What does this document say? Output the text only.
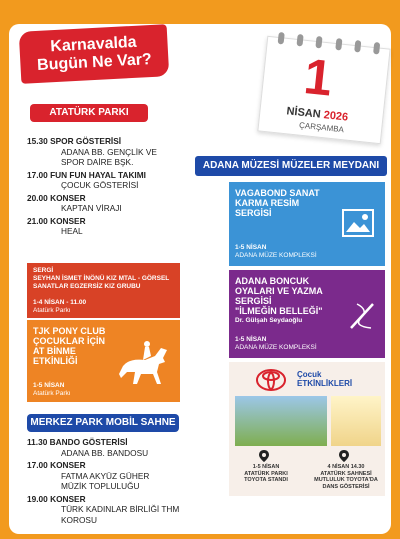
Karnavalda
Bugün Ne Var?	1
NİSAN 2026
ÇARŞAMBA
ATATÜRK PARKI
15.30 SPOR GÖSTERİSİ
ADANA BB. GENÇLİK VE
SPOR DAİRE BŞK.
17.00 FUN FUN HAYAL TAKIMI
ÇOCUK GÖSTERİSİ
20.00 KONSER
KAPTAN VİRAJI
21.00 KONSER
HEAL
ADANA MÜZESİ MÜZELER MEYDANI
SERGİ
SEYHAN İSMET İNÖNÜ KIZ MTAL - GÖRSEL SANATLAR EGZERSİZ KIZ GRUBU
1-4 NİSAN - 11.00
Atatürk Parkı
TJK PONY CLUB
ÇOCUKLAR İÇİN
AT BİNME
ETKİNLİĞİ
1-5 NİSAN
Atatürk Parkı
MERKEZ PARK MOBİL SAHNE
11.30 BANDO GÖSTERİSİ
ADANA BB. BANDOSU
17.00 KONSER
FATMA AKYÜZ GÜHER
MÜZİK TOPLULUĞU
19.00 KONSER
TÜRK KADINLAR BİRLİĞİ THM KOROSU
VAGABOND SANAT
KARMA RESİM
SERGİSİ
1-5 NİSAN
ADANA MÜZE KOMPLEKSİ
ADANA BONCUK
OYALARI VE YAZMA
SERGİSİ
"İLMEĞİN BELLEĞİ"
Dr. Gülşah Seydaoğlu
1-5 NİSAN
ADANA MÜZE KOMPLEKSİ
Çocuk
ETKİNLİKLERİ
1-5 NİSAN
ATATÜRK PARKI
TOYOTA STANDI
4 NİSAN 14.30
ATATÜRK SAHNESİ
MUTLULUK TOYOTA'DA
DANS GÖSTERİSİ
